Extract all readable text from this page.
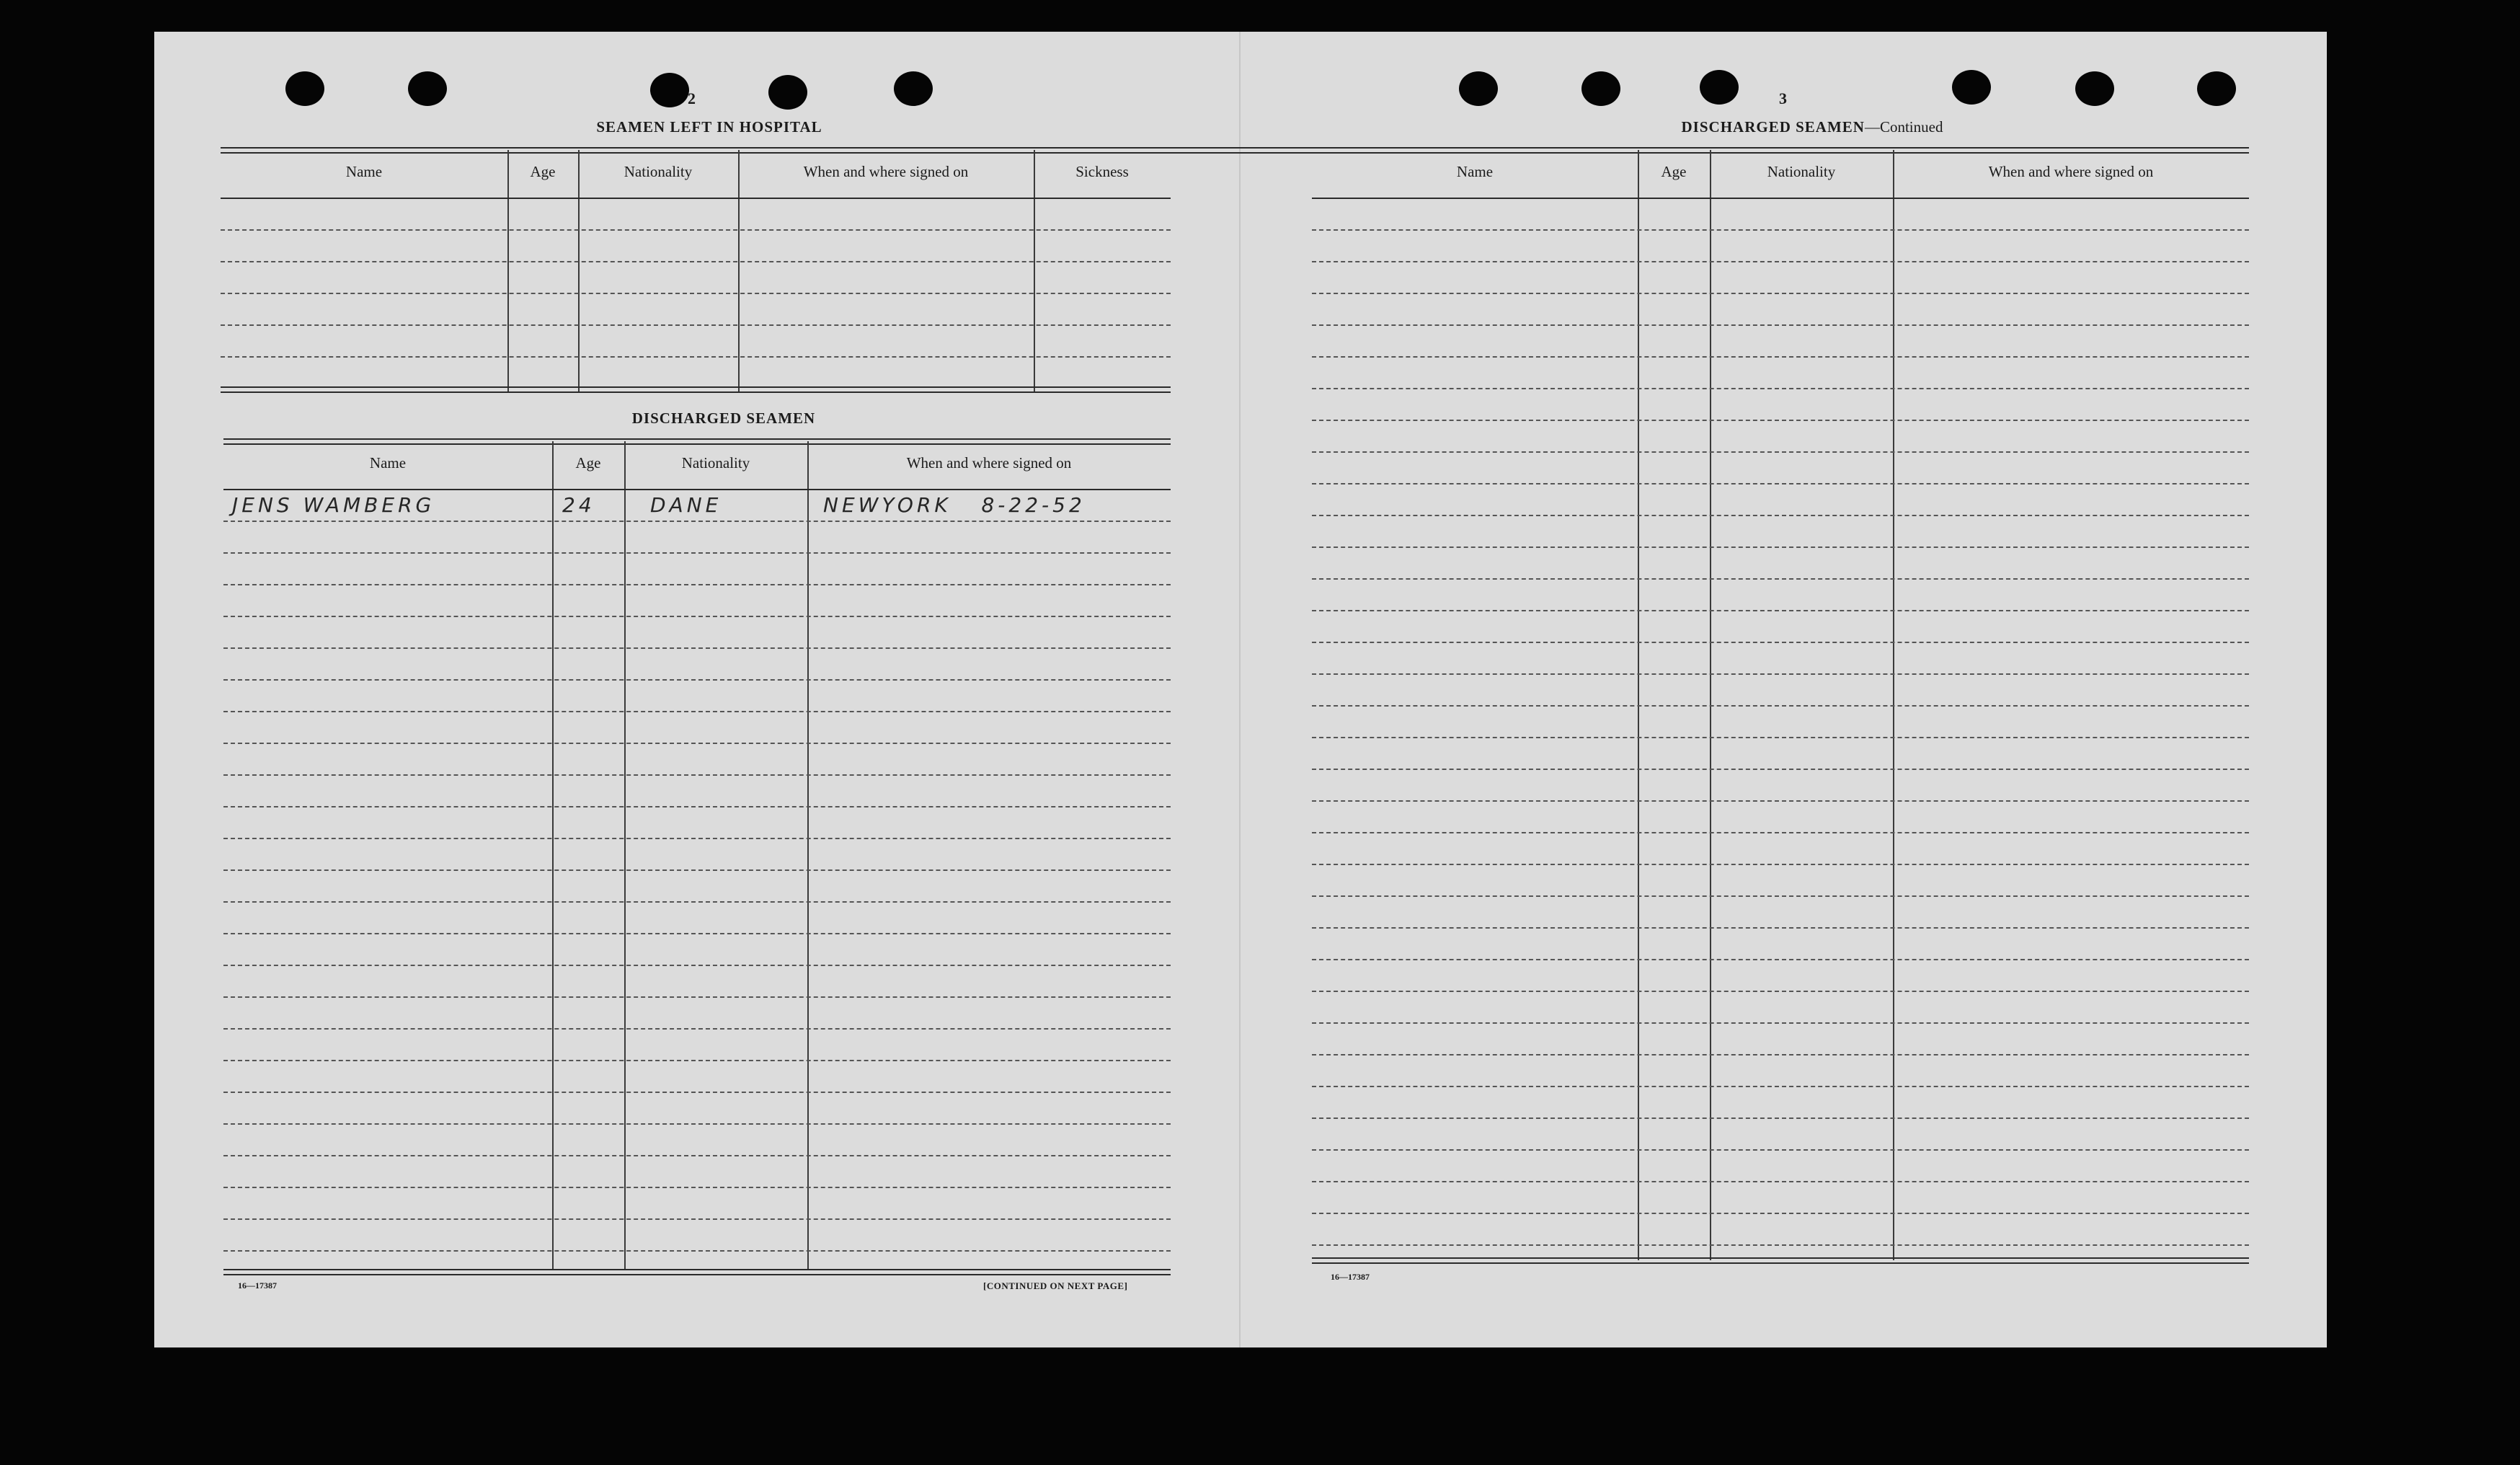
2
SEAMEN LEFT IN HOSPITAL
Name	Age	Nationality	When and where signed on	Sickness
DISCHARGED SEAMEN
Name	Age	Nationality	When and where signed on
JENS WAMBERG	24	DANE	NEWYORK   8-22-52
16—17387	[CONTINUED ON NEXT PAGE]
3
DISCHARGED SEAMEN—Continued
Name	Age	Nationality	When and where signed on
16—17387
